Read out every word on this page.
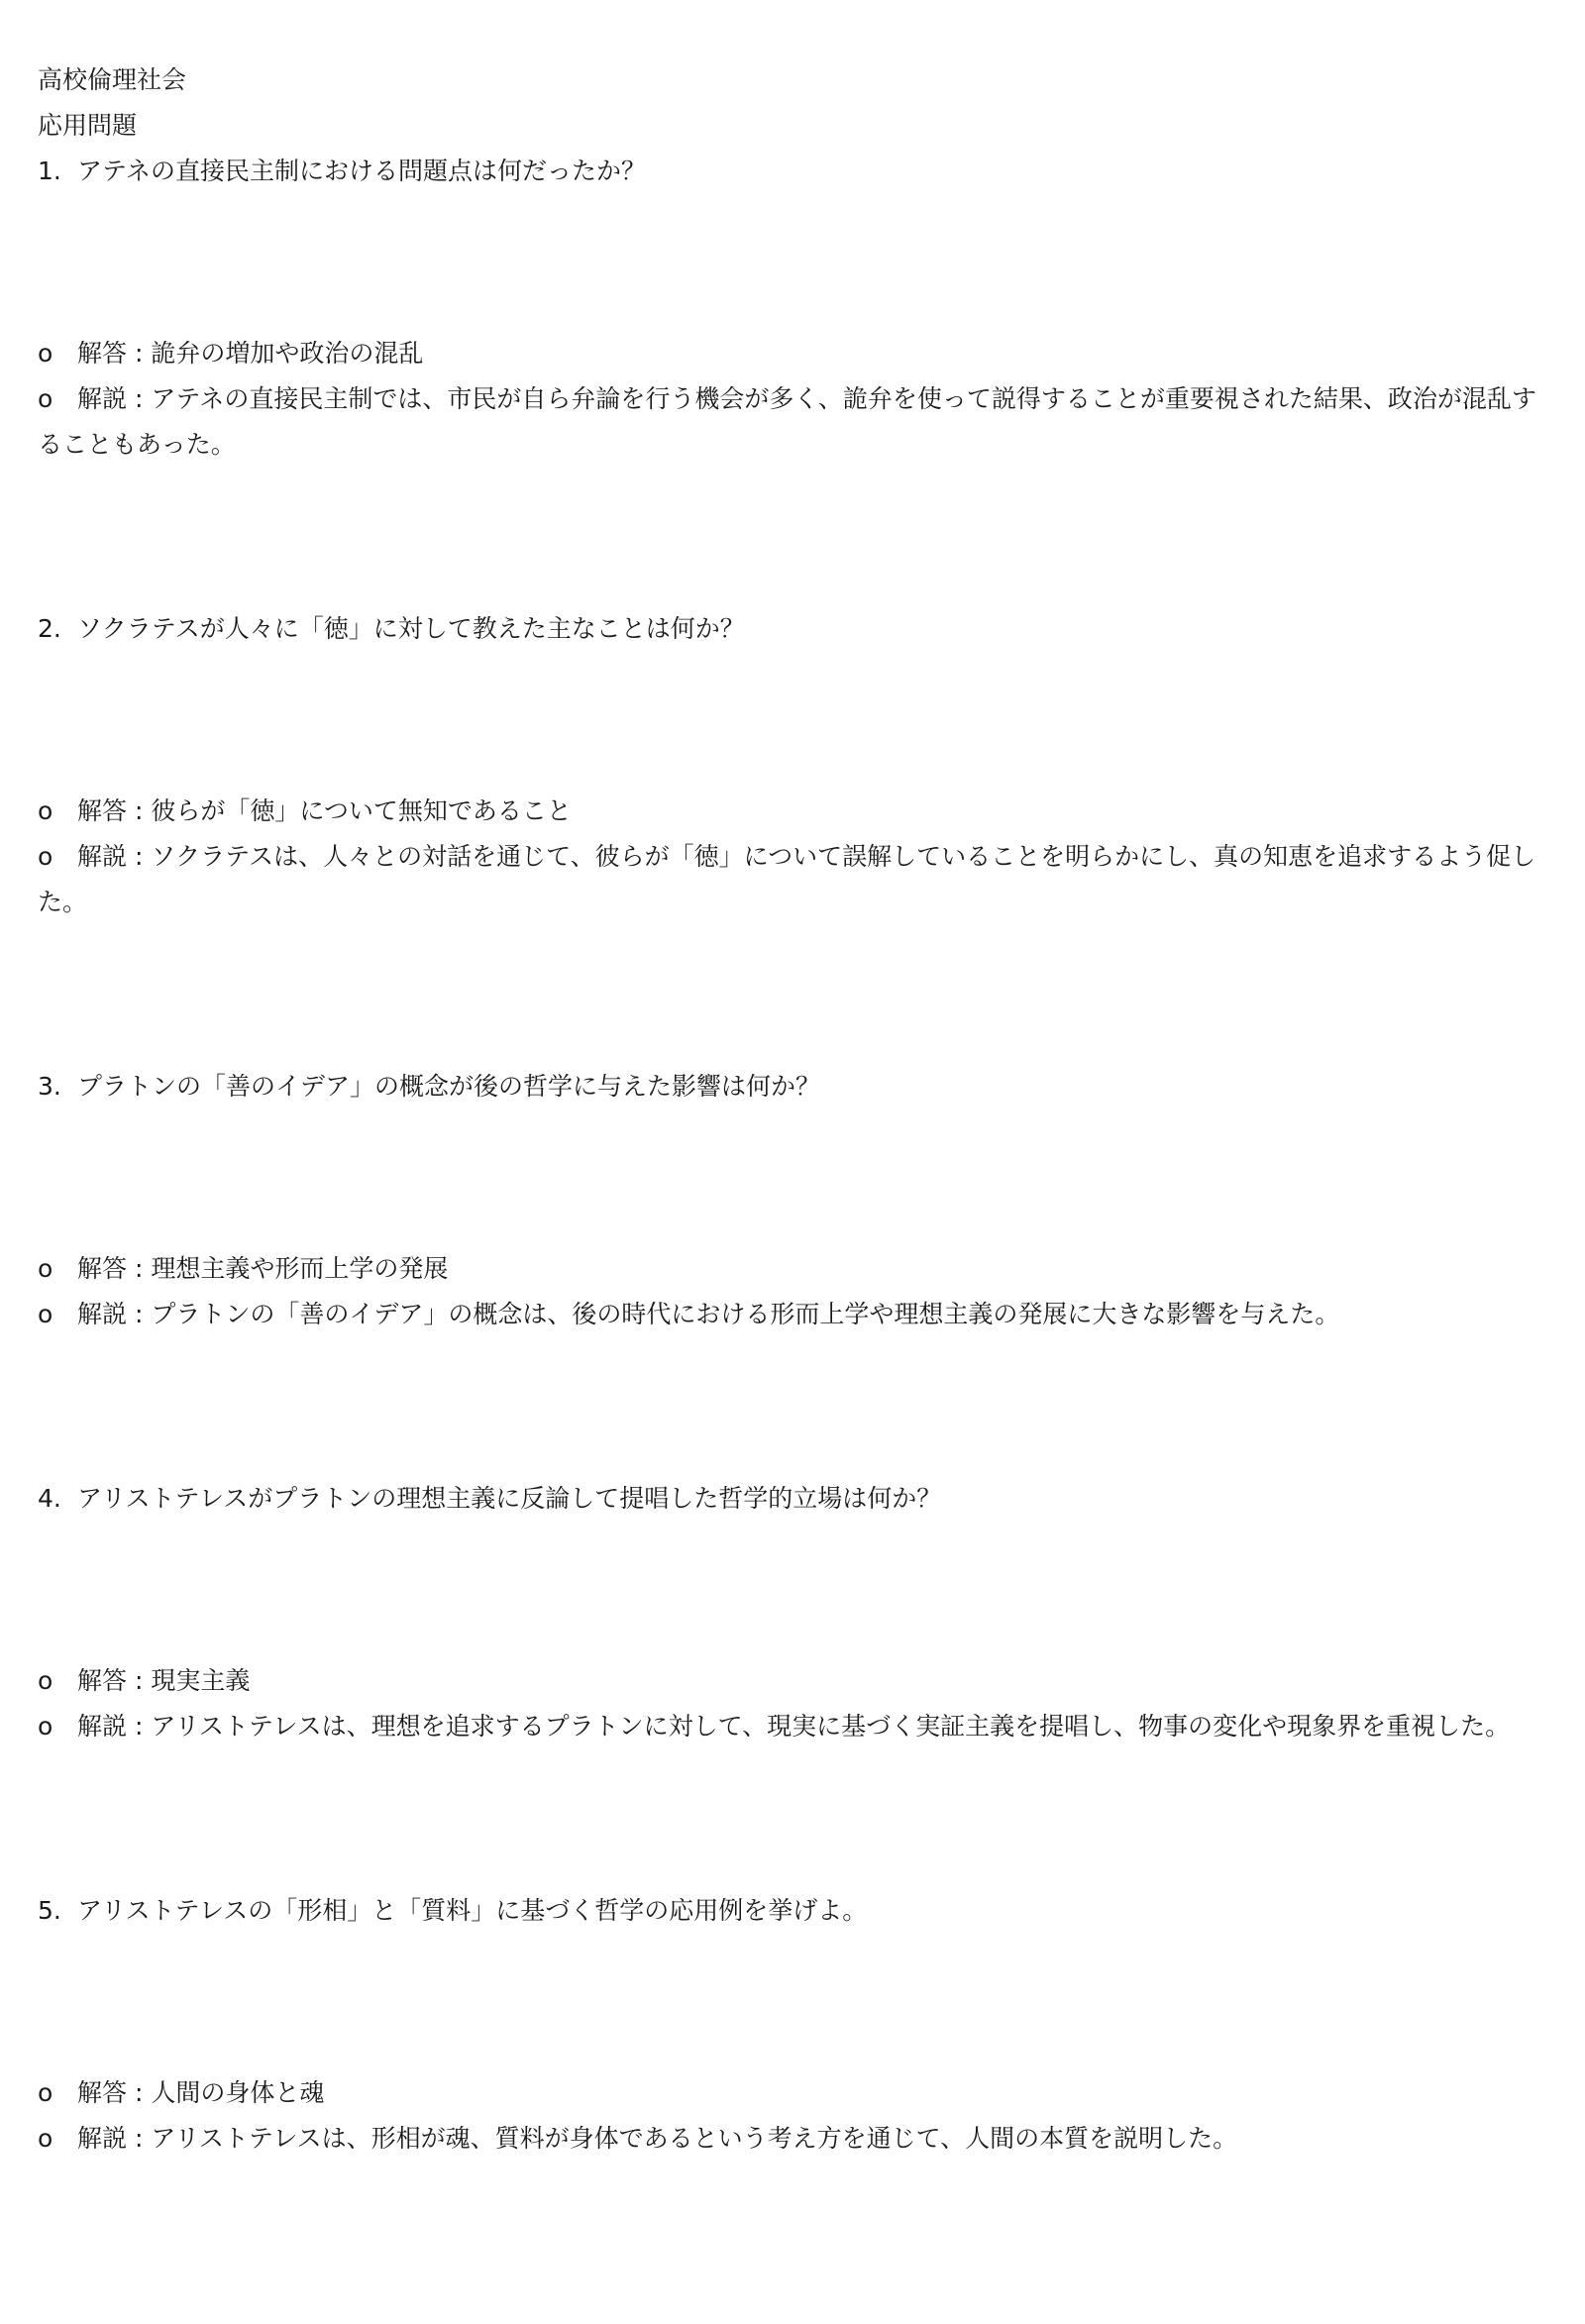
高校倫理社会

応用問題

1. アテネの直接民主制における問題点は何だったか？
o 解答 : 詭弁の増加や政治の混乱
o 解説 : アテネの直接民主制では、市民が自ら弁論を行う機会が多く、詭弁を使って説得することが重要視された結果、政治が混乱することもあった。
2. ソクラテスが人々に「徳」に対して教えた主なことは何か？
o 解答 : 彼らが「徳」について無知であること
o 解説 : ソクラテスは、人々との対話を通じて、彼らが「徳」について誤解していることを明らかにし、真の知恵を追求するよう促した。
3. プラトンの「善のイデア」の概念が後の哲学に与えた影響は何か？
o 解答 : 理想主義や形而上学の発展
o 解説 : プラトンの「善のイデア」の概念は、後の時代における形而上学や理想主義の発展に大きな影響を与えた。
4. アリストテレスがプラトンの理想主義に反論して提唱した哲学的立場は何か？
o 解答 : 現実主義
o 解説 : アリストテレスは、理想を追求するプラトンに対して、現実に基づく実証主義を提唱し、物事の変化や現象界を重視した。
5. アリストテレスの「形相」と「質料」に基づく哲学の応用例を挙げよ。
o 解答 : 人間の身体と魂
o 解説 : アリストテレスは、形相が魂、質料が身体であるという考え方を通じて、人間の本質を説明した。
